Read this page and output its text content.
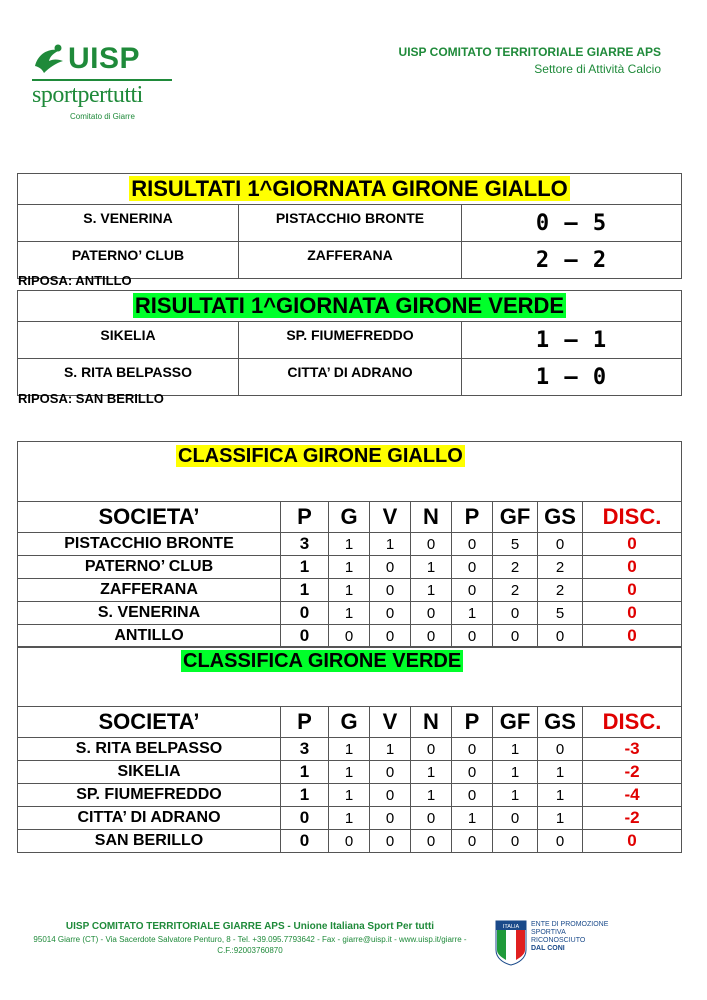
UISP
sportpertutti
Comitato di Giarre
UISP COMITATO TERRITORIALE GIARRE APS
Settore di Attività Calcio
RISULTATI 1^GIORNATA GIRONE GIALLO		
S. VENERINA	PISTACCHIO BRONTE	0 – 5
PATERNO’ CLUB	ZAFFERANA	2 – 2
RIPOSA: ANTILLO
RISULTATI 1^GIORNATA GIRONE VERDE		
SIKELIA	SP. FIUMEFREDDO	1 – 1
S. RITA BELPASSO	CITTA’ DI ADRANO	1 – 0
RIPOSA: SAN BERILLO
CLASSIFICA GIRONE GIALLO								
SOCIETA’	P	G	V	N	P	GF	GS	DISC.
PISTACCHIO BRONTE	3	1	1	0	0	5	0	0
PATERNO’ CLUB	1	1	0	1	0	2	2	0
ZAFFERANA	1	1	0	1	0	2	2	0
S. VENERINA	0	1	0	0	1	0	5	0
ANTILLO	0	0	0	0	0	0	0	0
CLASSIFICA GIRONE VERDE								
SOCIETA’	P	G	V	N	P	GF	GS	DISC.
S. RITA BELPASSO	3	1	1	0	0	1	0	-3
SIKELIA	1	1	0	1	0	1	1	-2
SP. FIUMEFREDDO	1	1	0	1	0	1	1	-4
CITTA’ DI ADRANO	0	1	0	0	1	0	1	-2
SAN BERILLO	0	0	0	0	0	0	0	0
UISP COMITATO TERRITORIALE GIARRE APS - Unione Italiana Sport Per tutti
95014 Giarre (CT) - Via Sacerdote Salvatore Penturo, 8 - Tel. +39.095.7793642 - Fax - giarre@uisp.it - www.uisp.it/giarre -
C.F.:92003760870
ITALIA ENTE DI PROMOZIONE
SPORTIVA
RICONOSCIUTO
DAL CONI
